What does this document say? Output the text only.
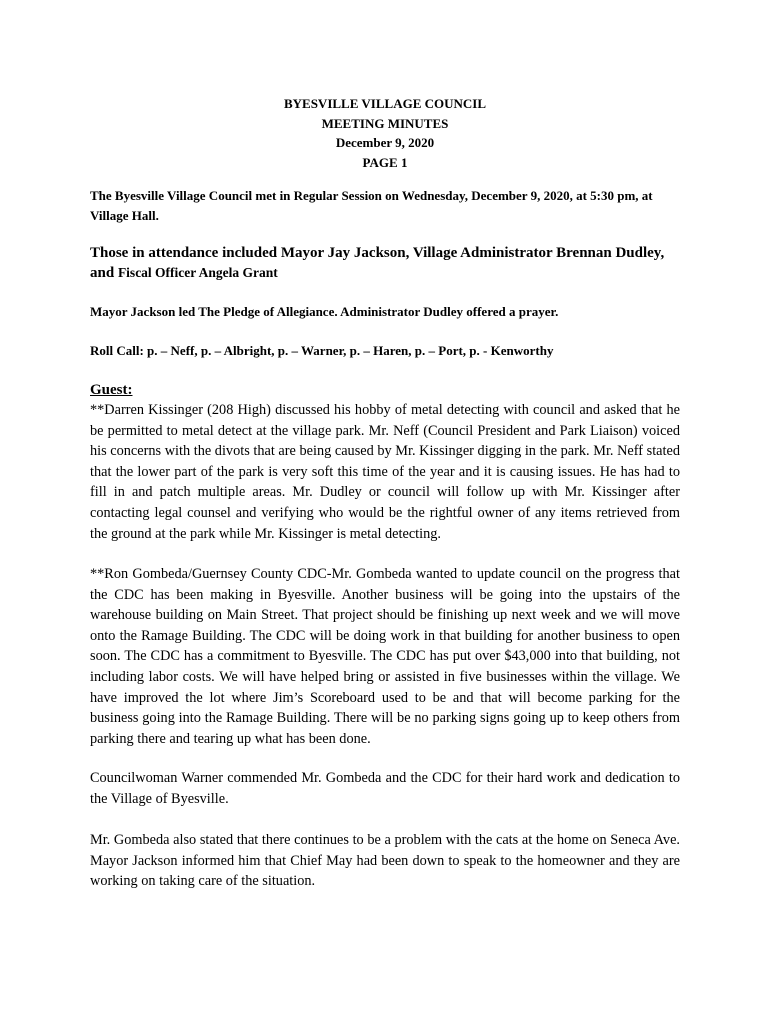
BYESVILLE VILLAGE COUNCIL
MEETING MINUTES
December 9, 2020
PAGE 1
The Byesville Village Council met in Regular Session on Wednesday, December 9, 2020, at 5:30 pm, at Village Hall.
Those in attendance included Mayor Jay Jackson, Village Administrator Brennan Dudley, and Fiscal Officer Angela Grant
Mayor Jackson led The Pledge of Allegiance. Administrator Dudley offered a prayer.
Roll Call: p. – Neff, p. – Albright, p. – Warner, p. – Haren, p. – Port, p. - Kenworthy
Guest:
**Darren Kissinger (208 High) discussed his hobby of metal detecting with council and asked that he be permitted to metal detect at the village park. Mr. Neff (Council President and Park Liaison) voiced his concerns with the divots that are being caused by Mr. Kissinger digging in the park. Mr. Neff stated that the lower part of the park is very soft this time of the year and it is causing issues. He has had to fill in and patch multiple areas. Mr. Dudley or council will follow up with Mr. Kissinger after contacting legal counsel and verifying who would be the rightful owner of any items retrieved from the ground at the park while Mr. Kissinger is metal detecting.
**Ron Gombeda/Guernsey County CDC-Mr. Gombeda wanted to update council on the progress that the CDC has been making in Byesville. Another business will be going into the upstairs of the warehouse building on Main Street. That project should be finishing up next week and we will move onto the Ramage Building. The CDC will be doing work in that building for another business to open soon. The CDC has a commitment to Byesville. The CDC has put over $43,000 into that building, not including labor costs. We will have helped bring or assisted in five businesses within the village. We have improved the lot where Jim’s Scoreboard used to be and that will become parking for the business going into the Ramage Building. There will be no parking signs going up to keep others from parking there and tearing up what has been done.
Councilwoman Warner commended Mr. Gombeda and the CDC for their hard work and dedication to the Village of Byesville.
Mr. Gombeda also stated that there continues to be a problem with the cats at the home on Seneca Ave. Mayor Jackson informed him that Chief May had been down to speak to the homeowner and they are working on taking care of the situation.
